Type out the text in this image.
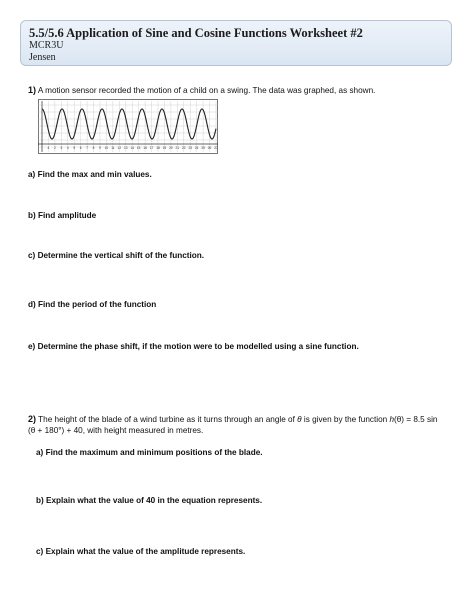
5.5/5.6 Application of Sine and Cosine Functions Worksheet #2
MCR3U
Jensen
1) A motion sensor recorded the motion of a child on a swing. The data was graphed, as shown.
4 2 3 4 5 6 7 8 9 10 11 12 13 14 15 16 17 18 19 20 21 22 23 24 25 26 27
a) Find the max and min values.
b) Find amplitude
c) Determine the vertical shift of the function.
d) Find the period of the function
e) Determine the phase shift, if the motion were to be modelled using a sine function.
2) The height of the blade of a wind turbine as it turns through an angle of θ is given by the function h(θ) = 8.5 sin
(θ + 180°) + 40, with height measured in metres.
a) Find the maximum and minimum positions of the blade.
b) Explain what the value of 40 in the equation represents.
c) Explain what the value of the amplitude represents.
